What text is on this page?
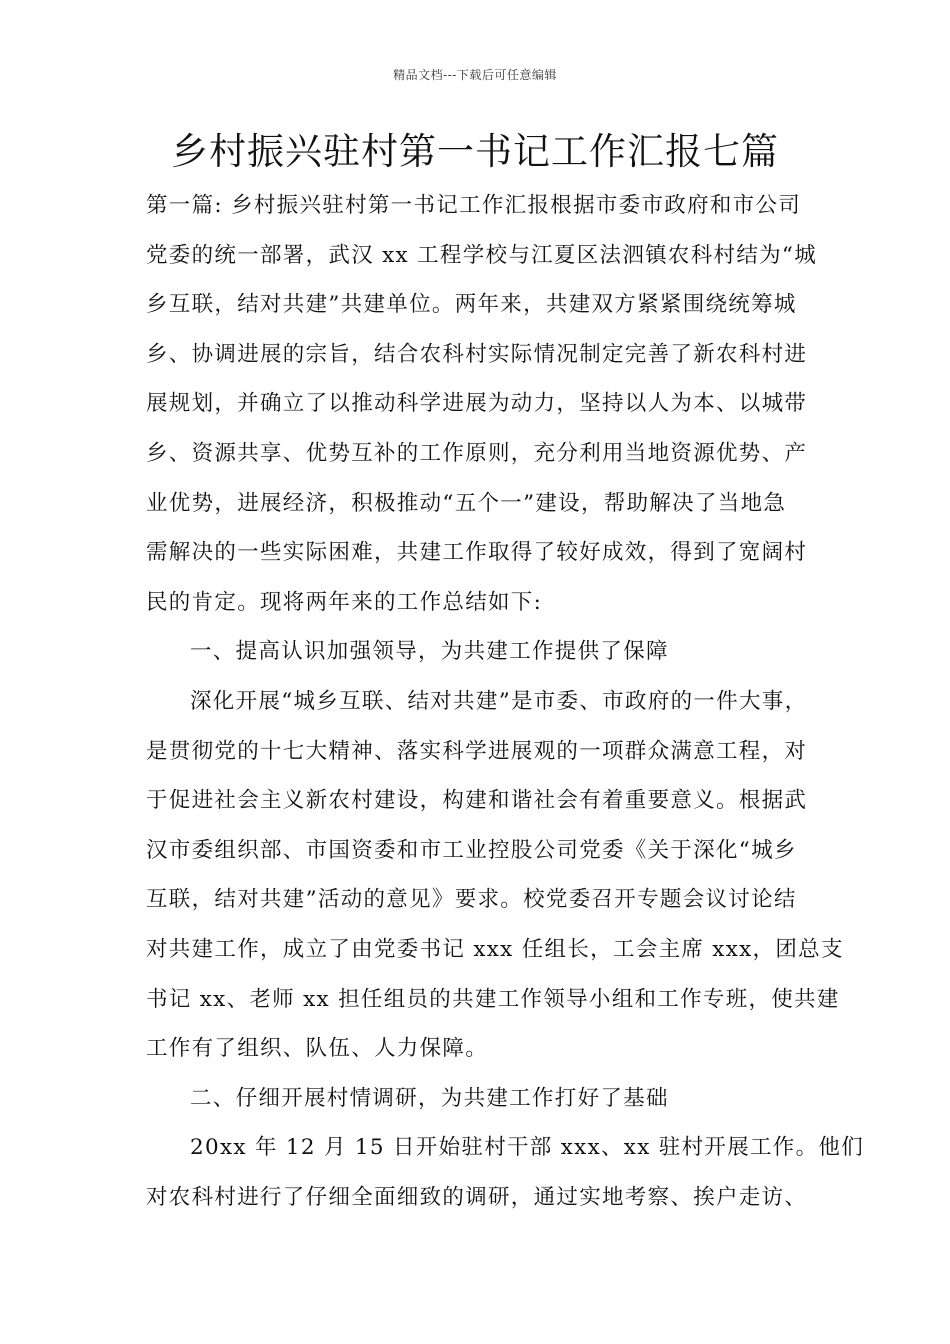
精品文档---下载后可任意编辑
乡村振兴驻村第一书记工作汇报七篇
第一篇: 乡村振兴驻村第一书记工作汇报根据市委市政府和市公司
党委的统一部署，武汉 xx 工程学校与江夏区法泗镇农科村结为“城
乡互联，结对共建”共建单位。两年来，共建双方紧紧围绕统筹城
乡、协调进展的宗旨，结合农科村实际情况制定完善了新农科村进
展规划，并确立了以推动科学进展为动力，坚持以人为本、以城带
乡、资源共享、优势互补的工作原则，充分利用当地资源优势、产
业优势，进展经济，积极推动“五个一”建设，帮助解决了当地急
需解决的一些实际困难，共建工作取得了较好成效，得到了宽阔村
民的肯定。现将两年来的工作总结如下:
一、提高认识加强领导，为共建工作提供了保障
深化开展“城乡互联、结对共建”是市委、市政府的一件大事，
是贯彻党的十七大精神、落实科学进展观的一项群众满意工程，对
于促进社会主义新农村建设，构建和谐社会有着重要意义。根据武
汉市委组织部、市国资委和市工业控股公司党委《关于深化“城乡
互联，结对共建”活动的意见》要求。校党委召开专题会议讨论结
对共建工作，成立了由党委书记 xxx 任组长，工会主席 xxx，团总支
书记 xx、老师 xx 担任组员的共建工作领导小组和工作专班，使共建
工作有了组织、队伍、人力保障。
二、仔细开展村情调研，为共建工作打好了基础
20xx 年 12 月 15 日开始驻村干部 xxx、xx 驻村开展工作。他们
对农科村进行了仔细全面细致的调研，通过实地考察、挨户走访、
